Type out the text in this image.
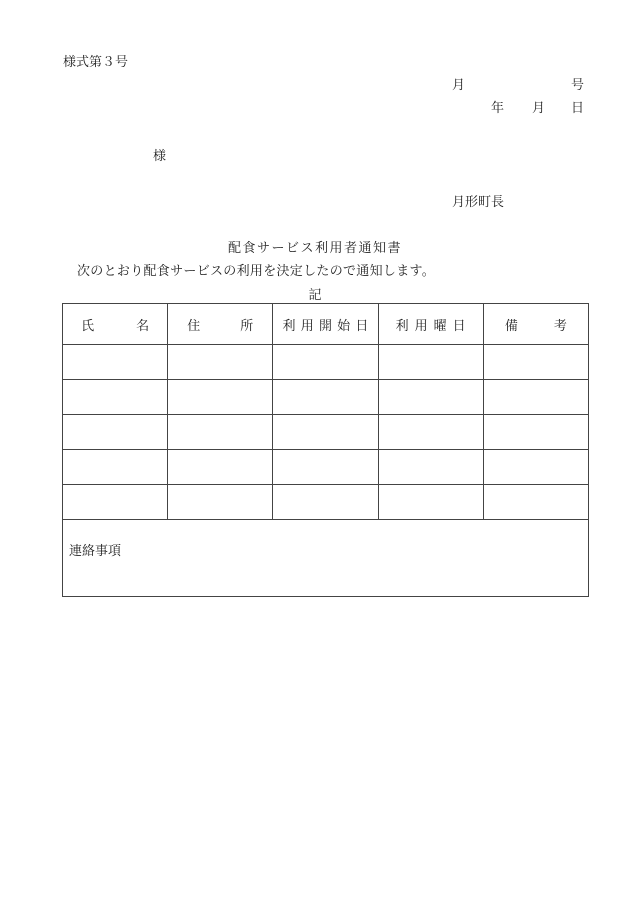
様式第３号
月	号
年 月 日
様
月形町長
配食サービス利用者通知書
次のとおり配食サービスの利用を決定したので通知します。
記
氏 名	住 所	利 用 開 始 日	利 用 曜 日	備 考

連絡事項				
